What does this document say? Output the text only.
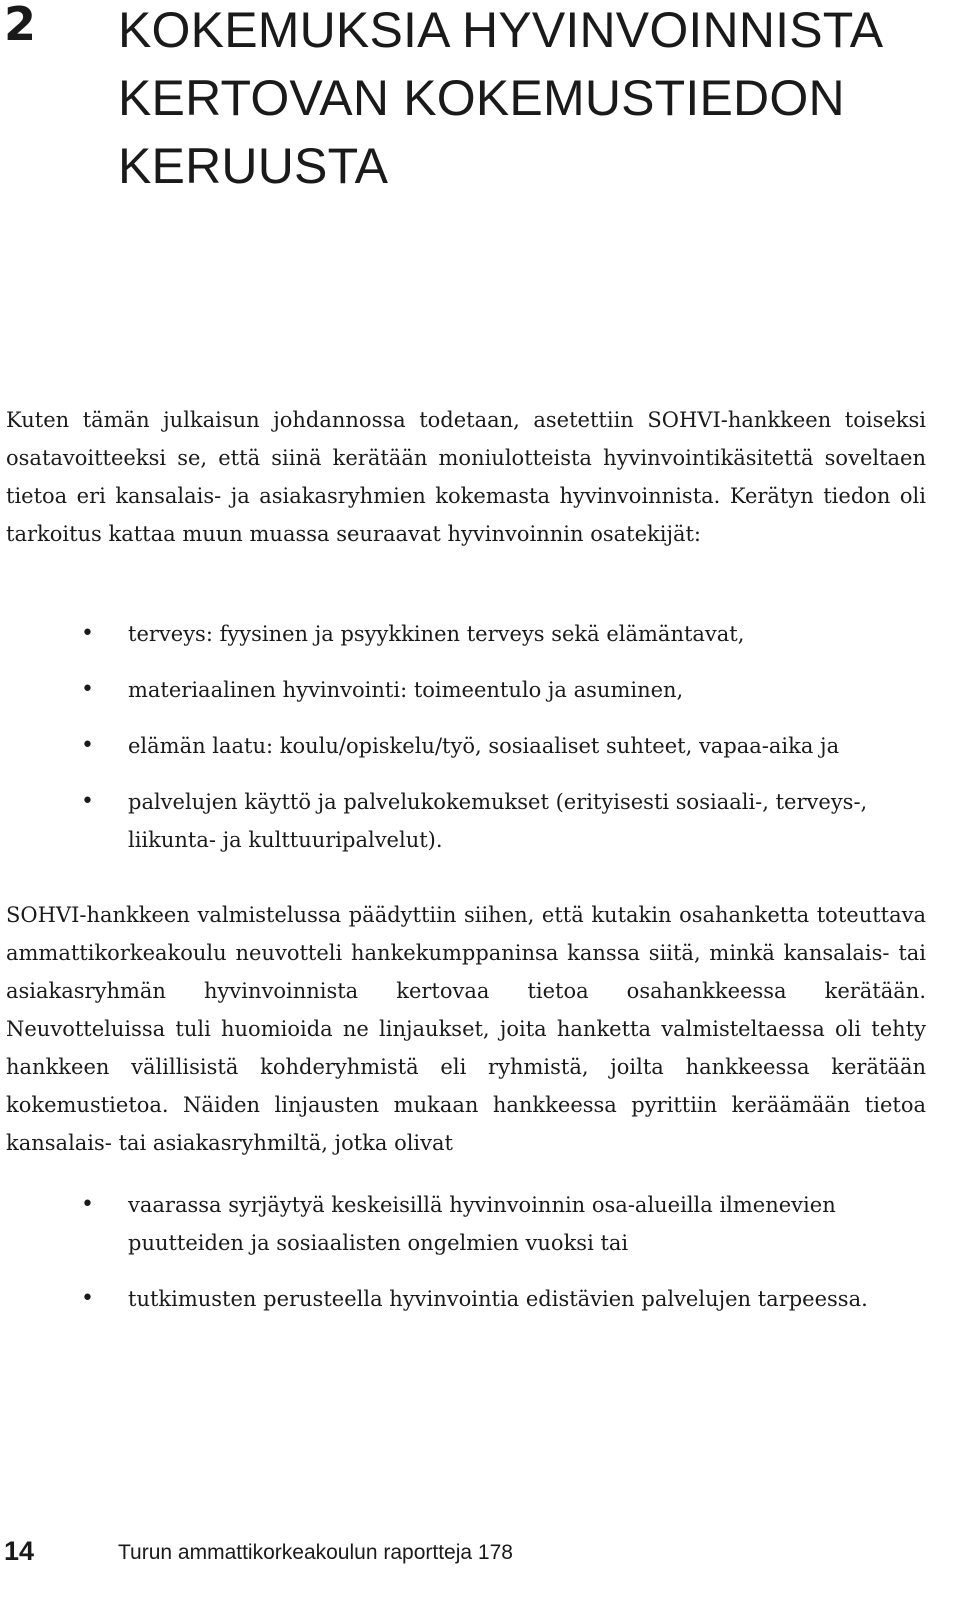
2 KOKEMUKSIA HYVINVOINNISTA
KERTOVAN KOKEMUSTIEDON
KERUUSTA

Kuten tämän julkaisun johdannossa todetaan, asetettiin SOHVI-hankkeen toiseksi osatavoitteeksi se, että siinä kerätään moniulotteista hyvinvointikäsitettä soveltaen tietoa eri kansalais- ja asiakasryhmien kokemasta hyvinvoinnista. Kerätyn tiedon oli tarkoitus kattaa muun muassa seuraavat hyvinvoinnin osatekijät:

• terveys: fyysinen ja psyykkinen terveys sekä elämäntavat,
• materiaalinen hyvinvointi: toimeentulo ja asuminen,
• elämän laatu: koulu/opiskelu/työ, sosiaaliset suhteet, vapaa-aika ja
• palvelujen käyttö ja palvelukokemukset (erityisesti sosiaali-, terveys-, liikunta- ja kulttuuripalvelut).

SOHVI-hankkeen valmistelussa päädyttiin siihen, että kutakin osahanketta toteuttava ammattikorkeakoulu neuvotteli hankekumppaninsa kanssa siitä, minkä kansalais- tai asiakasryhmän hyvinvoinnista kertovaa tietoa osahankkeessa kerätään. Neuvotteluissa tuli huomioida ne linjaukset, joita hanketta valmisteltaessa oli tehty hankkeen välillisistä kohderyhmistä eli ryhmistä, joilta hankkeessa kerätään kokemustietoa. Näiden linjausten mukaan hankkeessa pyrittiin keräämään tietoa kansalais- tai asiakasryhmiltä, jotka olivat

• vaarassa syrjäytyä keskeisillä hyvinvoinnin osa-alueilla ilmenevien puutteiden ja sosiaalisten ongelmien vuoksi tai
• tutkimusten perusteella hyvinvointia edistävien palvelujen tarpeessa.

14	Turun ammattikorkeakoulun raportteja 178
